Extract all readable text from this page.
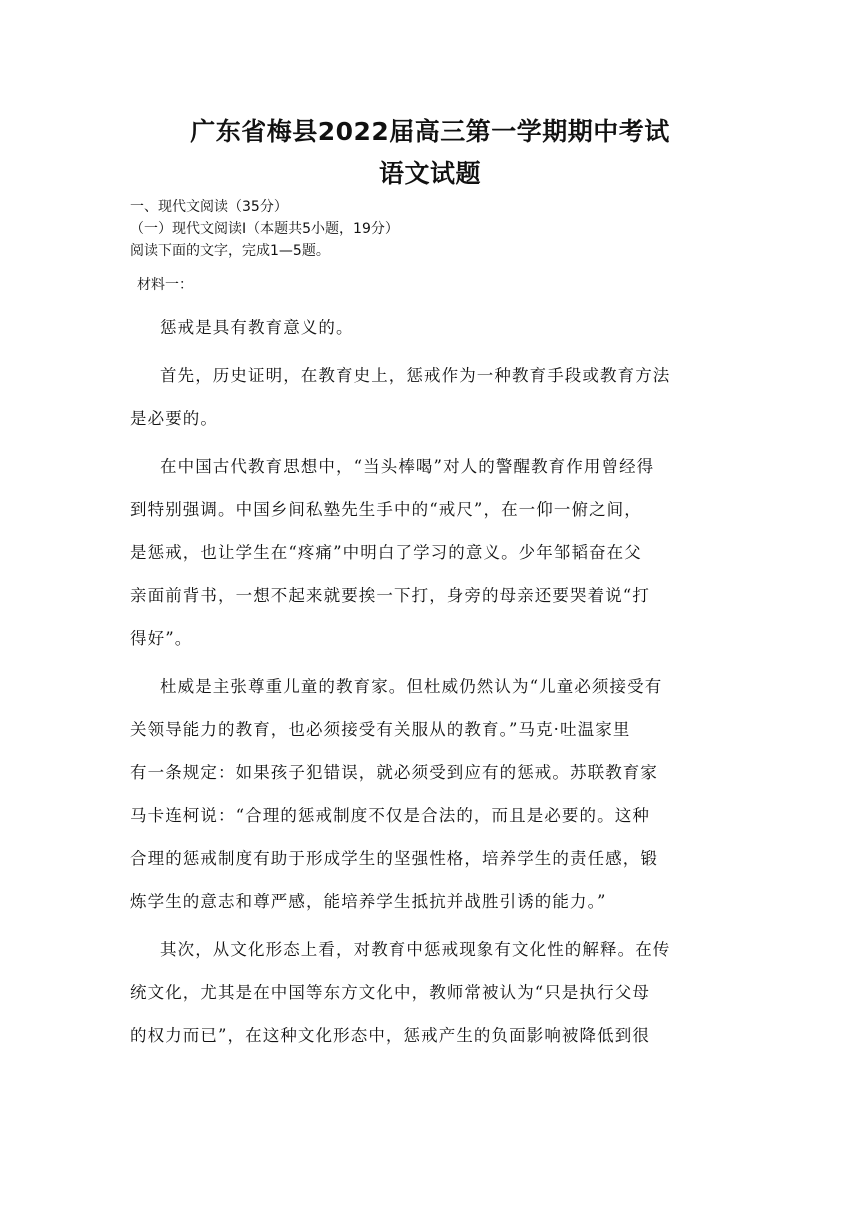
广东省梅县2022届高三第一学期期中考试
语文试题
一、现代文阅读（35分）
（一）现代文阅读Ⅰ（本题共5小题，19分）
阅读下面的文字，完成1—5题。
材料一：
惩戒是具有教育意义的。
首先，历史证明，在教育史上，惩戒作为一种教育手段或教育方法
是必要的。
在中国古代教育思想中，“当头棒喝”对人的警醒教育作用曾经得
到特别强调。中国乡间私塾先生手中的“戒尺”，在一仰一俯之间，
是惩戒，也让学生在“疼痛”中明白了学习的意义。少年邹韬奋在父
亲面前背书，一想不起来就要挨一下打，身旁的母亲还要哭着说“打
得好”。
杜威是主张尊重儿童的教育家。但杜威仍然认为“儿童必须接受有
关领导能力的教育，也必须接受有关服从的教育。”马克·吐温家里
有一条规定：如果孩子犯错误，就必须受到应有的惩戒。苏联教育家
马卡连柯说：“合理的惩戒制度不仅是合法的，而且是必要的。这种
合理的惩戒制度有助于形成学生的坚强性格，培养学生的责任感，锻
炼学生的意志和尊严感，能培养学生抵抗并战胜引诱的能力。”
其次，从文化形态上看，对教育中惩戒现象有文化性的解释。在传
统文化，尤其是在中国等东方文化中，教师常被认为“只是执行父母
的权力而已”，在这种文化形态中，惩戒产生的负面影响被降低到很
